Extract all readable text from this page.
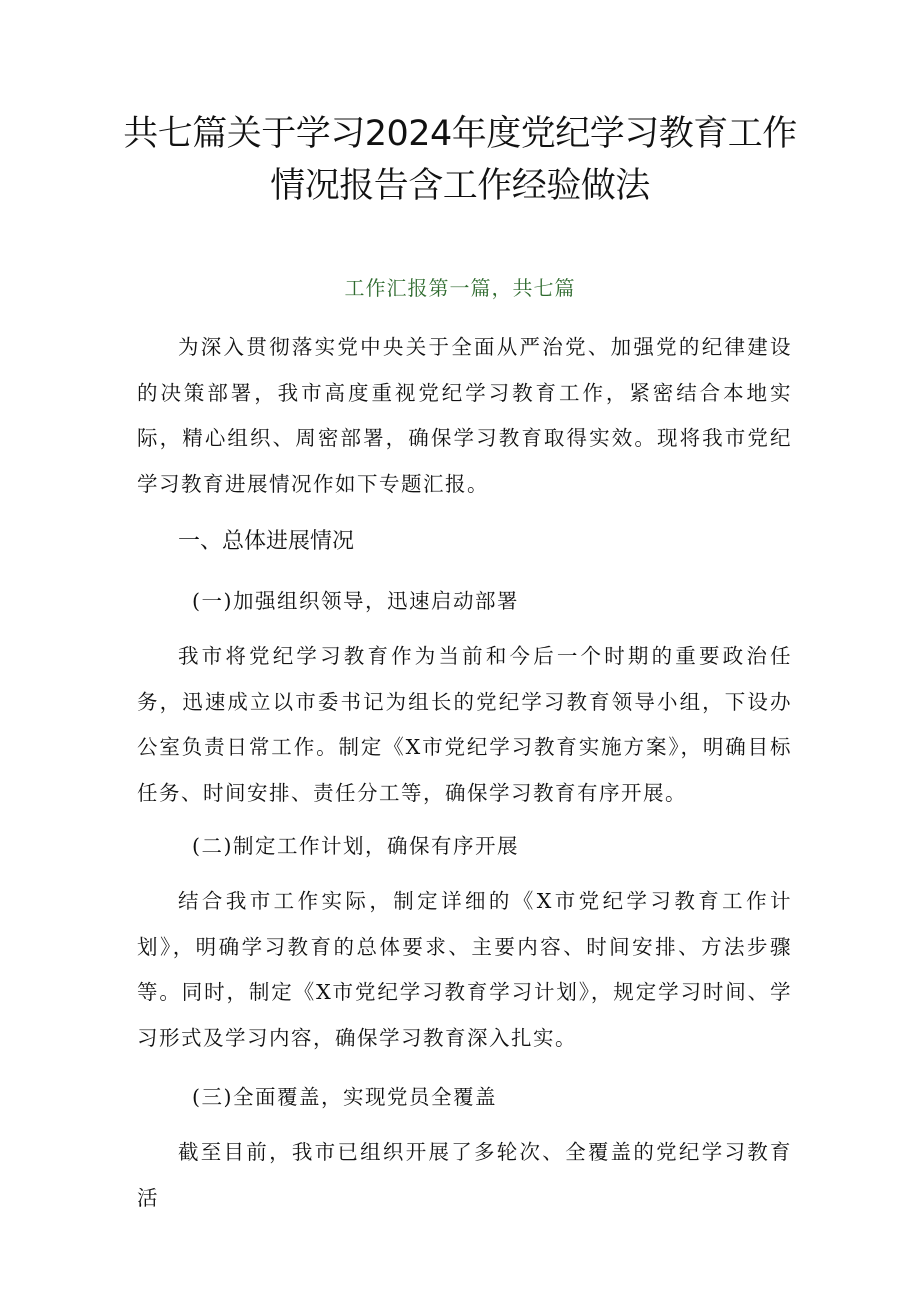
共七篇关于学习2024年度党纪学习教育工作情况报告含工作经验做法
工作汇报第一篇，共七篇

为深入贯彻落实党中央关于全面从严治党、加强党的纪律建设的决策部署，我市高度重视党纪学习教育工作，紧密结合本地实际，精心组织、周密部署，确保学习教育取得实效。现将我市党纪学习教育进展情况作如下专题汇报。

一、总体进展情况
(一)加强组织领导，迅速启动部署

我市将党纪学习教育作为当前和今后一个时期的重要政治任务，迅速成立以市委书记为组长的党纪学习教育领导小组，下设办公室负责日常工作。制定《X市党纪学习教育实施方案》，明确目标任务、时间安排、责任分工等，确保学习教育有序开展。

(二)制定工作计划，确保有序开展

结合我市工作实际，制定详细的《X市党纪学习教育工作计划》，明确学习教育的总体要求、主要内容、时间安排、方法步骤等。同时，制定《X市党纪学习教育学习计划》，规定学习时间、学习形式及学习内容，确保学习教育深入扎实。

(三)全面覆盖，实现党员全覆盖

截至目前，我市已组织开展了多轮次、全覆盖的党纪学习教育活
